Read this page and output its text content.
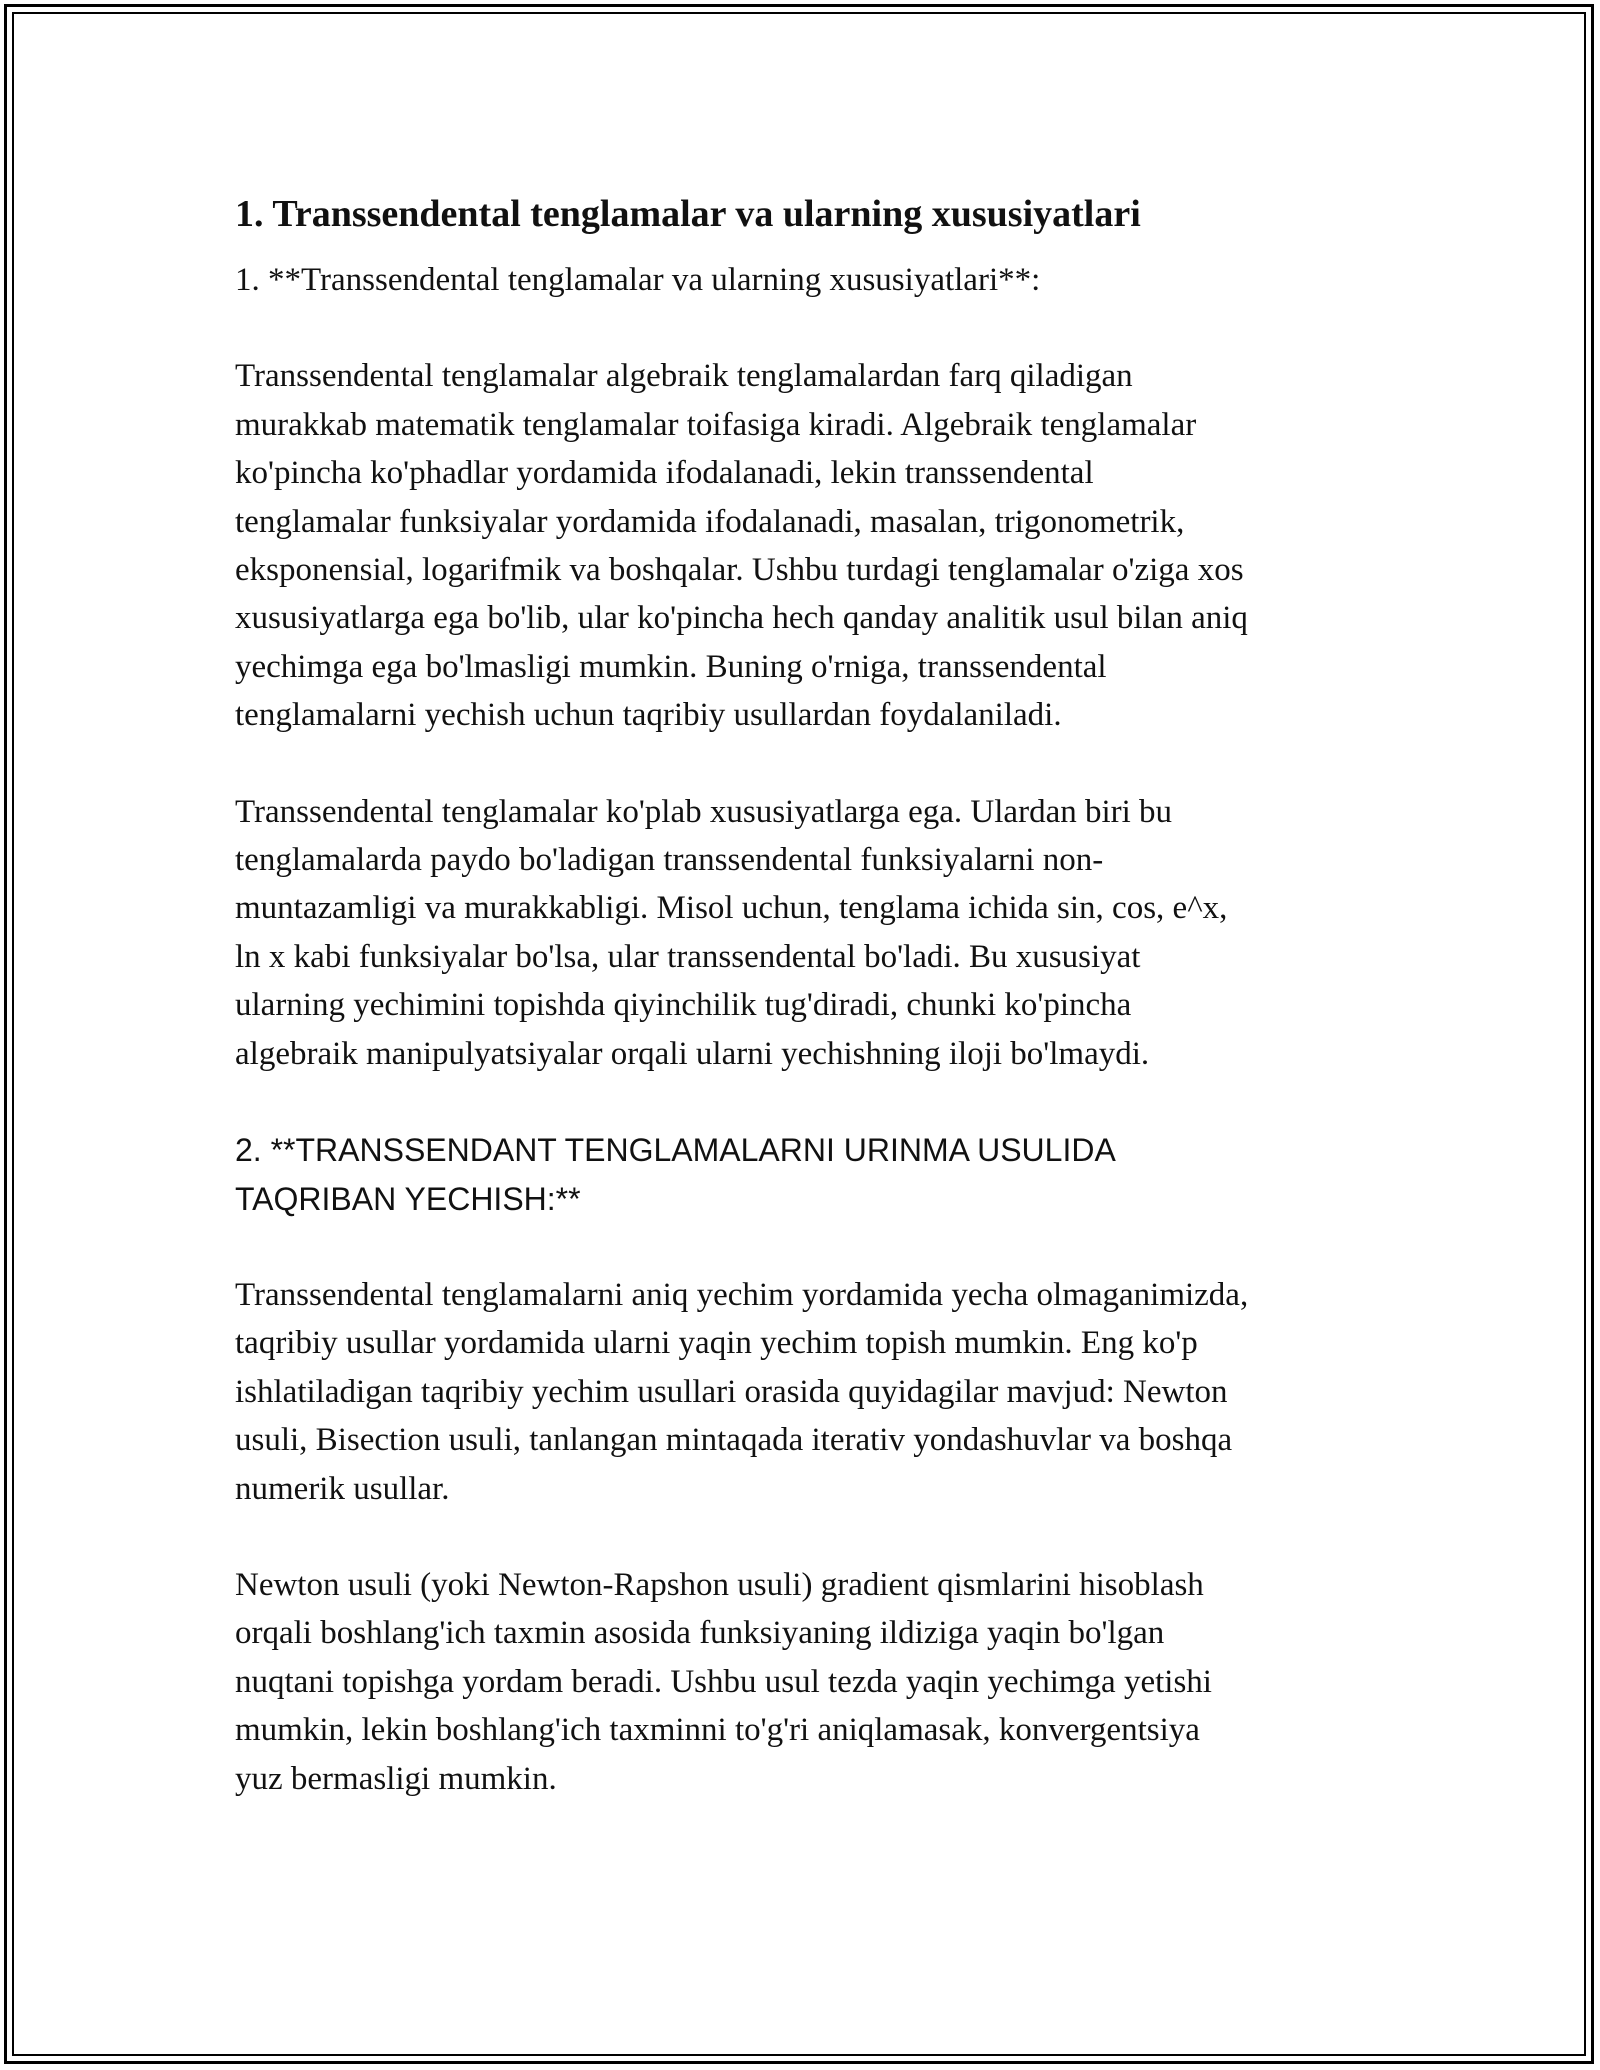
1. Transsendental tenglamalar va ularning xususiyatlari

1. **Transsendental tenglamalar va ularning xususiyatlari**:

Transsendental tenglamalar algebraik tenglamalardan farq qiladigan
murakkab matematik tenglamalar toifasiga kiradi. Algebraik tenglamalar
ko'pincha ko'phadlar yordamida ifodalanadi, lekin transsendental
tenglamalar funksiyalar yordamida ifodalanadi, masalan, trigonometrik,
eksponensial, logarifmik va boshqalar. Ushbu turdagi tenglamalar o'ziga xos
xususiyatlarga ega bo'lib, ular ko'pincha hech qanday analitik usul bilan aniq
yechimga ega bo'lmasligi mumkin. Buning o'rniga, transsendental
tenglamalarni yechish uchun taqribiy usullardan foydalaniladi.

Transsendental tenglamalar ko'plab xususiyatlarga ega. Ulardan biri bu
tenglamalarda paydo bo'ladigan transsendental funksiyalarni non-
muntazamligi va murakkabligi. Misol uchun, tenglama ichida sin, cos, e^x,
ln x kabi funksiyalar bo'lsa, ular transsendental bo'ladi. Bu xususiyat
ularning yechimini topishda qiyinchilik tug'diradi, chunki ko'pincha
algebraik manipulyatsiyalar orqali ularni yechishning iloji bo'lmaydi.

2. **TRANSSENDANT TENGLAMALARNI URINMA USULIDA
TAQRIBAN YECHISH:**

Transsendental tenglamalarni aniq yechim yordamida yecha olmaganimizda,
taqribiy usullar yordamida ularni yaqin yechim topish mumkin. Eng ko'p
ishlatiladigan taqribiy yechim usullari orasida quyidagilar mavjud: Newton
usuli, Bisection usuli, tanlangan mintaqada iterativ yondashuvlar va boshqa
numerik usullar.

Newton usuli (yoki Newton-Rapshon usuli) gradient qismlarini hisoblash
orqali boshlang'ich taxmin asosida funksiyaning ildiziga yaqin bo'lgan
nuqtani topishga yordam beradi. Ushbu usul tezda yaqin yechimga yetishi
mumkin, lekin boshlang'ich taxminni to'g'ri aniqlamasak, konvergentsiya
yuz bermasligi mumkin.
